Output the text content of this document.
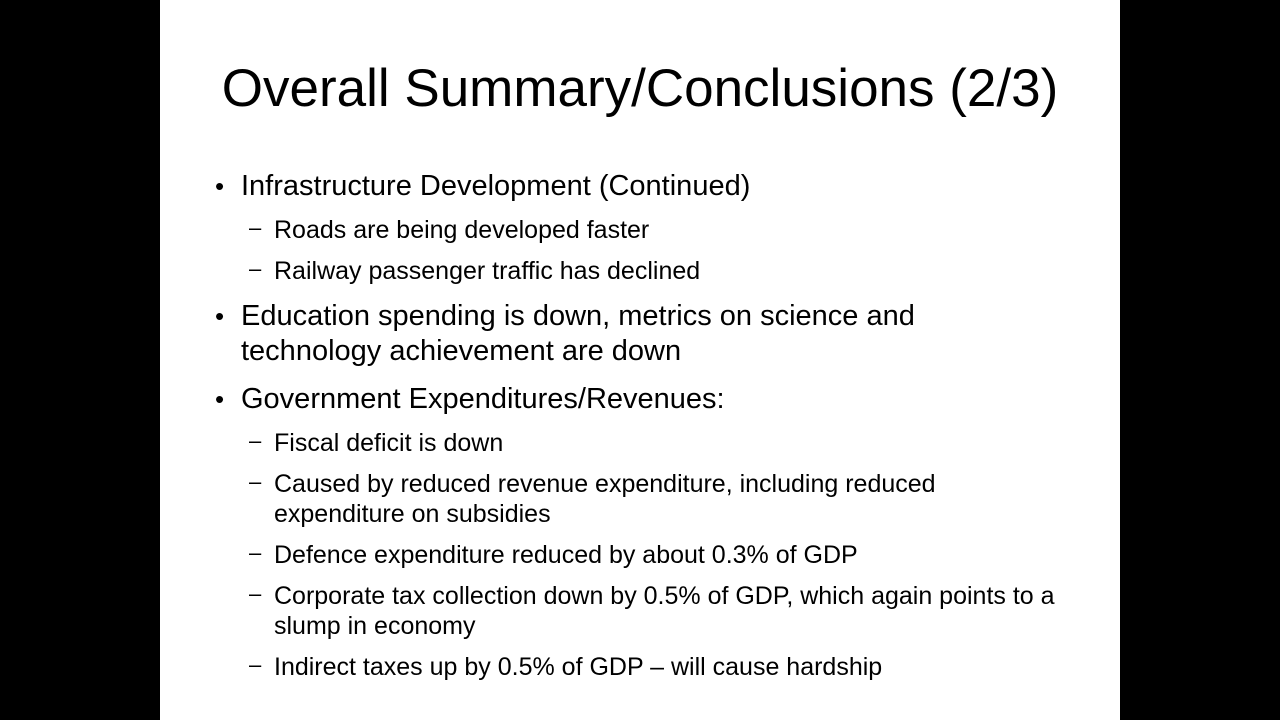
Overall Summary/Conclusions (2/3)
• Infrastructure Development (Continued)
– Roads are being developed faster
– Railway passenger traffic has declined
• Education spending is down, metrics on science and technology achievement are down
• Government Expenditures/Revenues:
– Fiscal deficit is down
– Caused by reduced revenue expenditure, including reduced expenditure on subsidies
– Defence expenditure reduced by about 0.3% of GDP
– Corporate tax collection down by 0.5% of GDP, which again points to a slump in economy
– Indirect taxes up by 0.5% of GDP – will cause hardship
